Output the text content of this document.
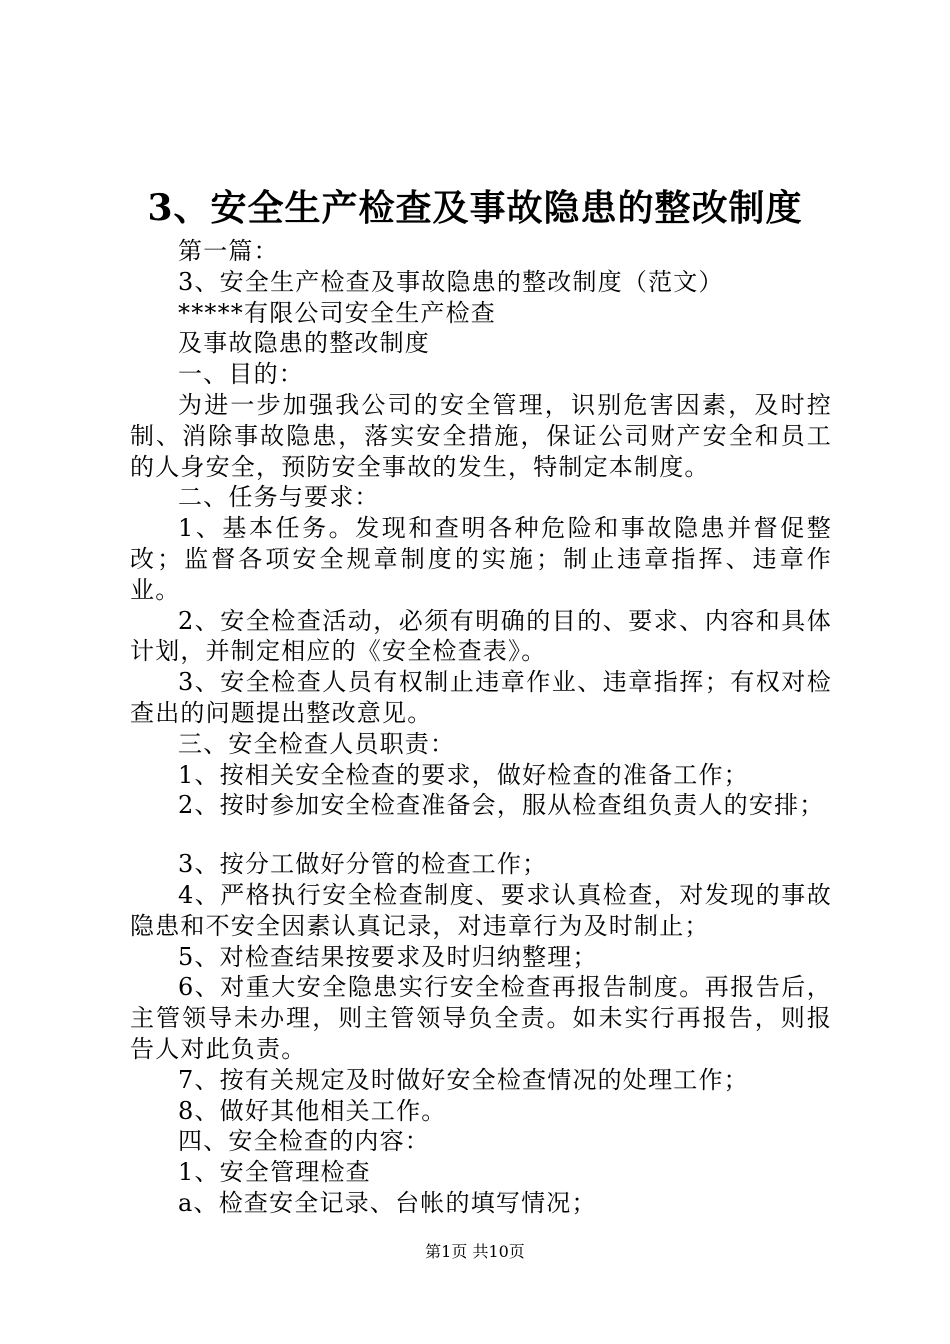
3、安全生产检查及事故隐患的整改制度

第一篇：

3、安全生产检查及事故隐患的整改制度（范文）

*****有限公司安全生产检查

及事故隐患的整改制度

一、目的：

为进一步加强我公司的安全管理，识别危害因素，及时控制、消除事故隐患，落实安全措施，保证公司财产安全和员工的人身安全，预防安全事故的发生，特制定本制度。

二、任务与要求：

1、基本任务。发现和查明各种危险和事故隐患并督促整改；监督各项安全规章制度的实施；制止违章指挥、违章作业。

2、安全检查活动，必须有明确的目的、要求、内容和具体计划，并制定相应的《安全检查表》。

3、安全检查人员有权制止违章作业、违章指挥；有权对检查出的问题提出整改意见。

三、安全检查人员职责：

1、按相关安全检查的要求，做好检查的准备工作；

2、按时参加安全检查准备会，服从检查组负责人的安排；

3、按分工做好分管的检查工作；

4、严格执行安全检查制度、要求认真检查，对发现的事故隐患和不安全因素认真记录，对违章行为及时制止；

5、对检查结果按要求及时归纳整理；

6、对重大安全隐患实行安全检查再报告制度。再报告后，主管领导未办理，则主管领导负全责。如未实行再报告，则报告人对此负责。

7、按有关规定及时做好安全检查情况的处理工作；

8、做好其他相关工作。

四、安全检查的内容：

1、安全管理检查

a、检查安全记录、台帐的填写情况；

第1页 共10页
